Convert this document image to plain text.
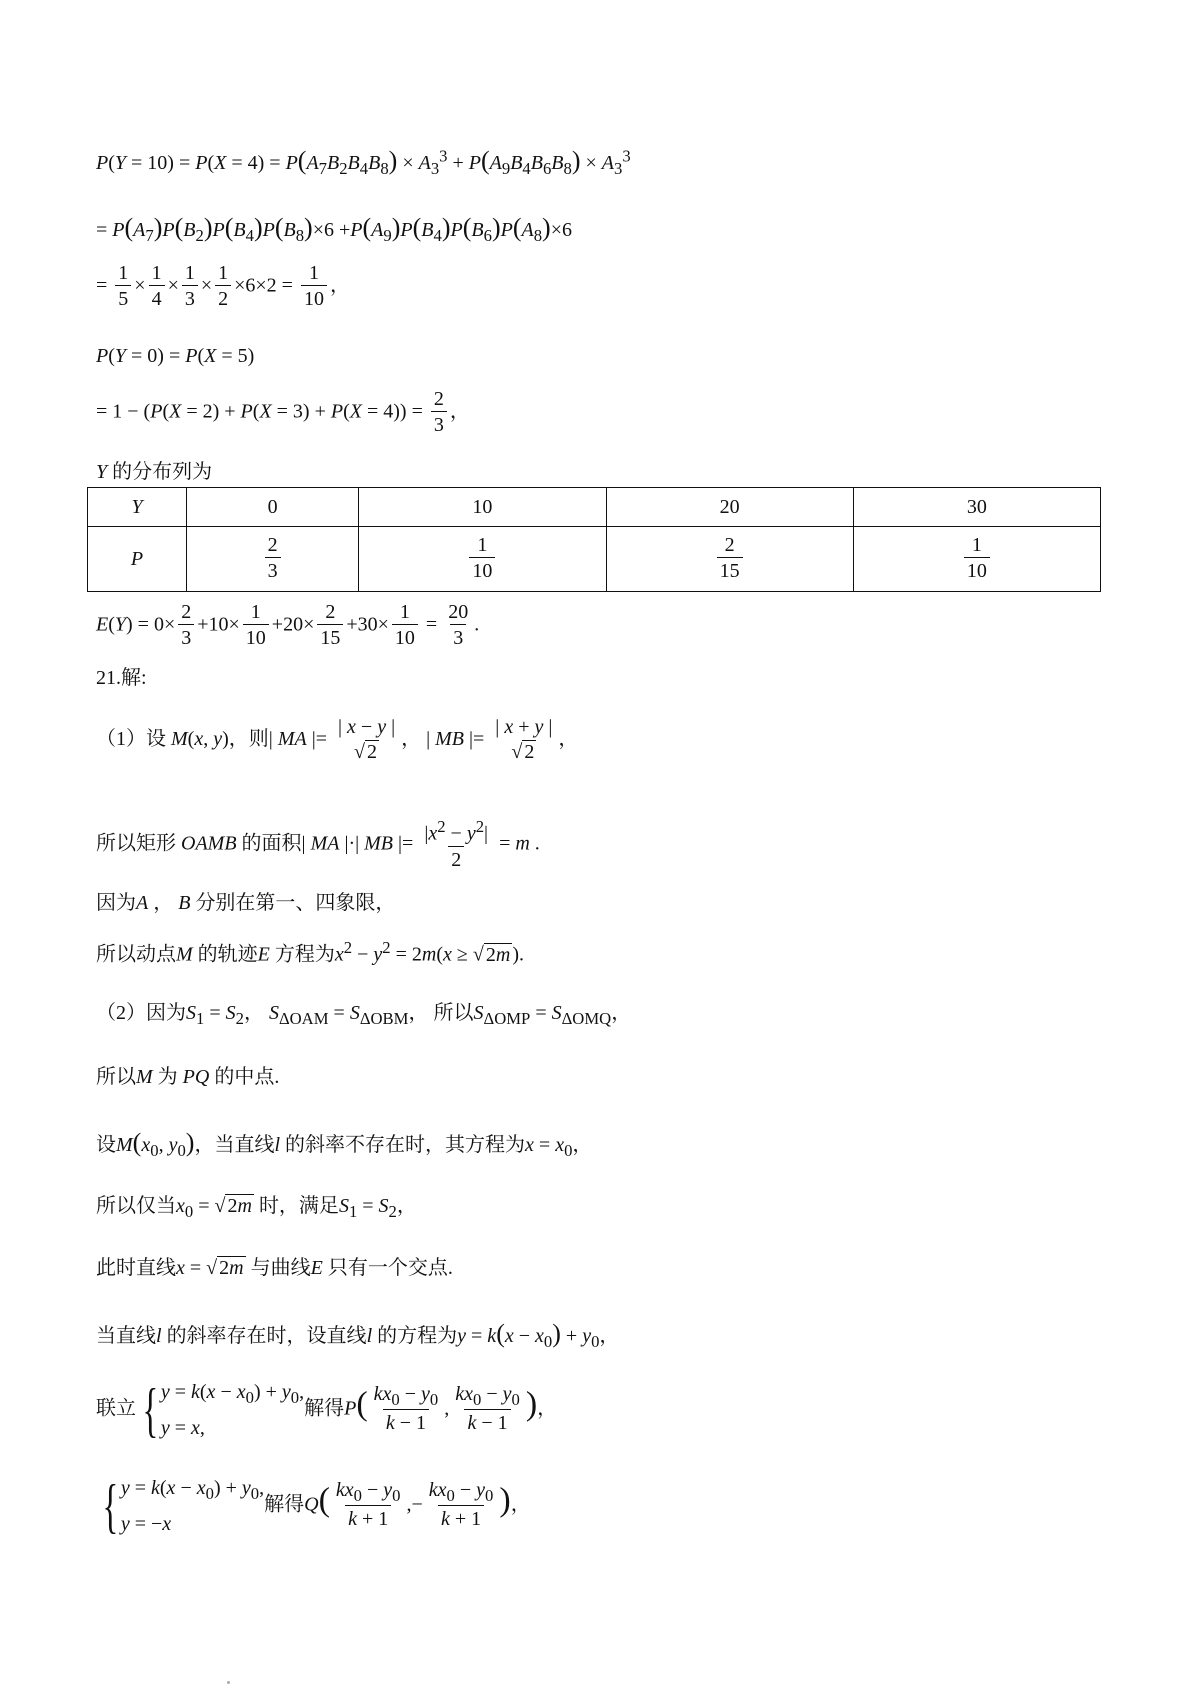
$P(Y = 10) = P(X = 4) = P(A_7B_2B_4B_8) \times A_3^3 + P(A_9B_4B_6B_8) \times A_3^3$
= $P(A_7)P(B_2)P(B_4)P(B_8)\times 6 +P(A_9)P(B_4)P(B_6)P(A_8)\times 6$
= $\frac{1}{5} \times \frac{1}{4} \times \frac{1}{3} \times \frac{1}{2} \times 6\times 2 = \frac{1}{10}$ ，
P(Y = 0) = P(X = 5)
= $1 - (P(X = 2) + P(X = 3) + P(X = 4)) = \frac{2}{3}$ ，
Y 的分布列为
Y	0	10	20	30
P	$\frac{2}{3}$	$\frac{1}{10}$	$\frac{2}{15}$	$\frac{1}{10}$
$E(Y) = 0\times \frac{2}{3} +10\times \frac{1}{10} +20\times \frac{2}{15} +30\times \frac{1}{10} = \frac{20}{3}$ .
21.解:
（1）设 M(x, y)，则| MA |=
| x − y |
√ 2
， | MB |=
| x + y |
√ 2
，
所以矩形 OAMB 的面积| MA |·| MB |= $\frac{|x^2 - y^2|}{2} = m$ .
因为A ， B 分别在第一、四象限，
所以动点M 的轨迹E 方程为$x^2 - y^2 = 2m(x$ ≥ √ 2m ).
（2）因为$S_1 = S_2$， $S_{\Delta OAM} = S_{\Delta OBM}$， 所以$S_{\Delta OMP} = S_{\Delta OMQ}$，
所以M 为 PQ 的中点.
设$M(x_0$, $y_0$)，当直线l 的斜率不存在时，其方程为$x = x_0$，
所以仅当$x_0$ = √ 2m 时，满足$S_1 = S_2$，
此时直线x = √ 2m 与曲线E 只有一个交点.
当直线l 的斜率存在时，设直线l 的方程为$y = k(x - x_0) + y_0$，
联立 { $y = k(x - x_0) + y_0$,
y = x,
解得$P( \frac{kx_0 - y_0}{k - 1}$ , $\frac{kx_0 - y_0}{k - 1}$ )，
{ $y = k(x - x_0) + y_0$,
y = −x
解得$Q( \frac{kx_0 - y_0}{k + 1}$ ,− $\frac{kx_0 - y_0}{k + 1}$ )，
